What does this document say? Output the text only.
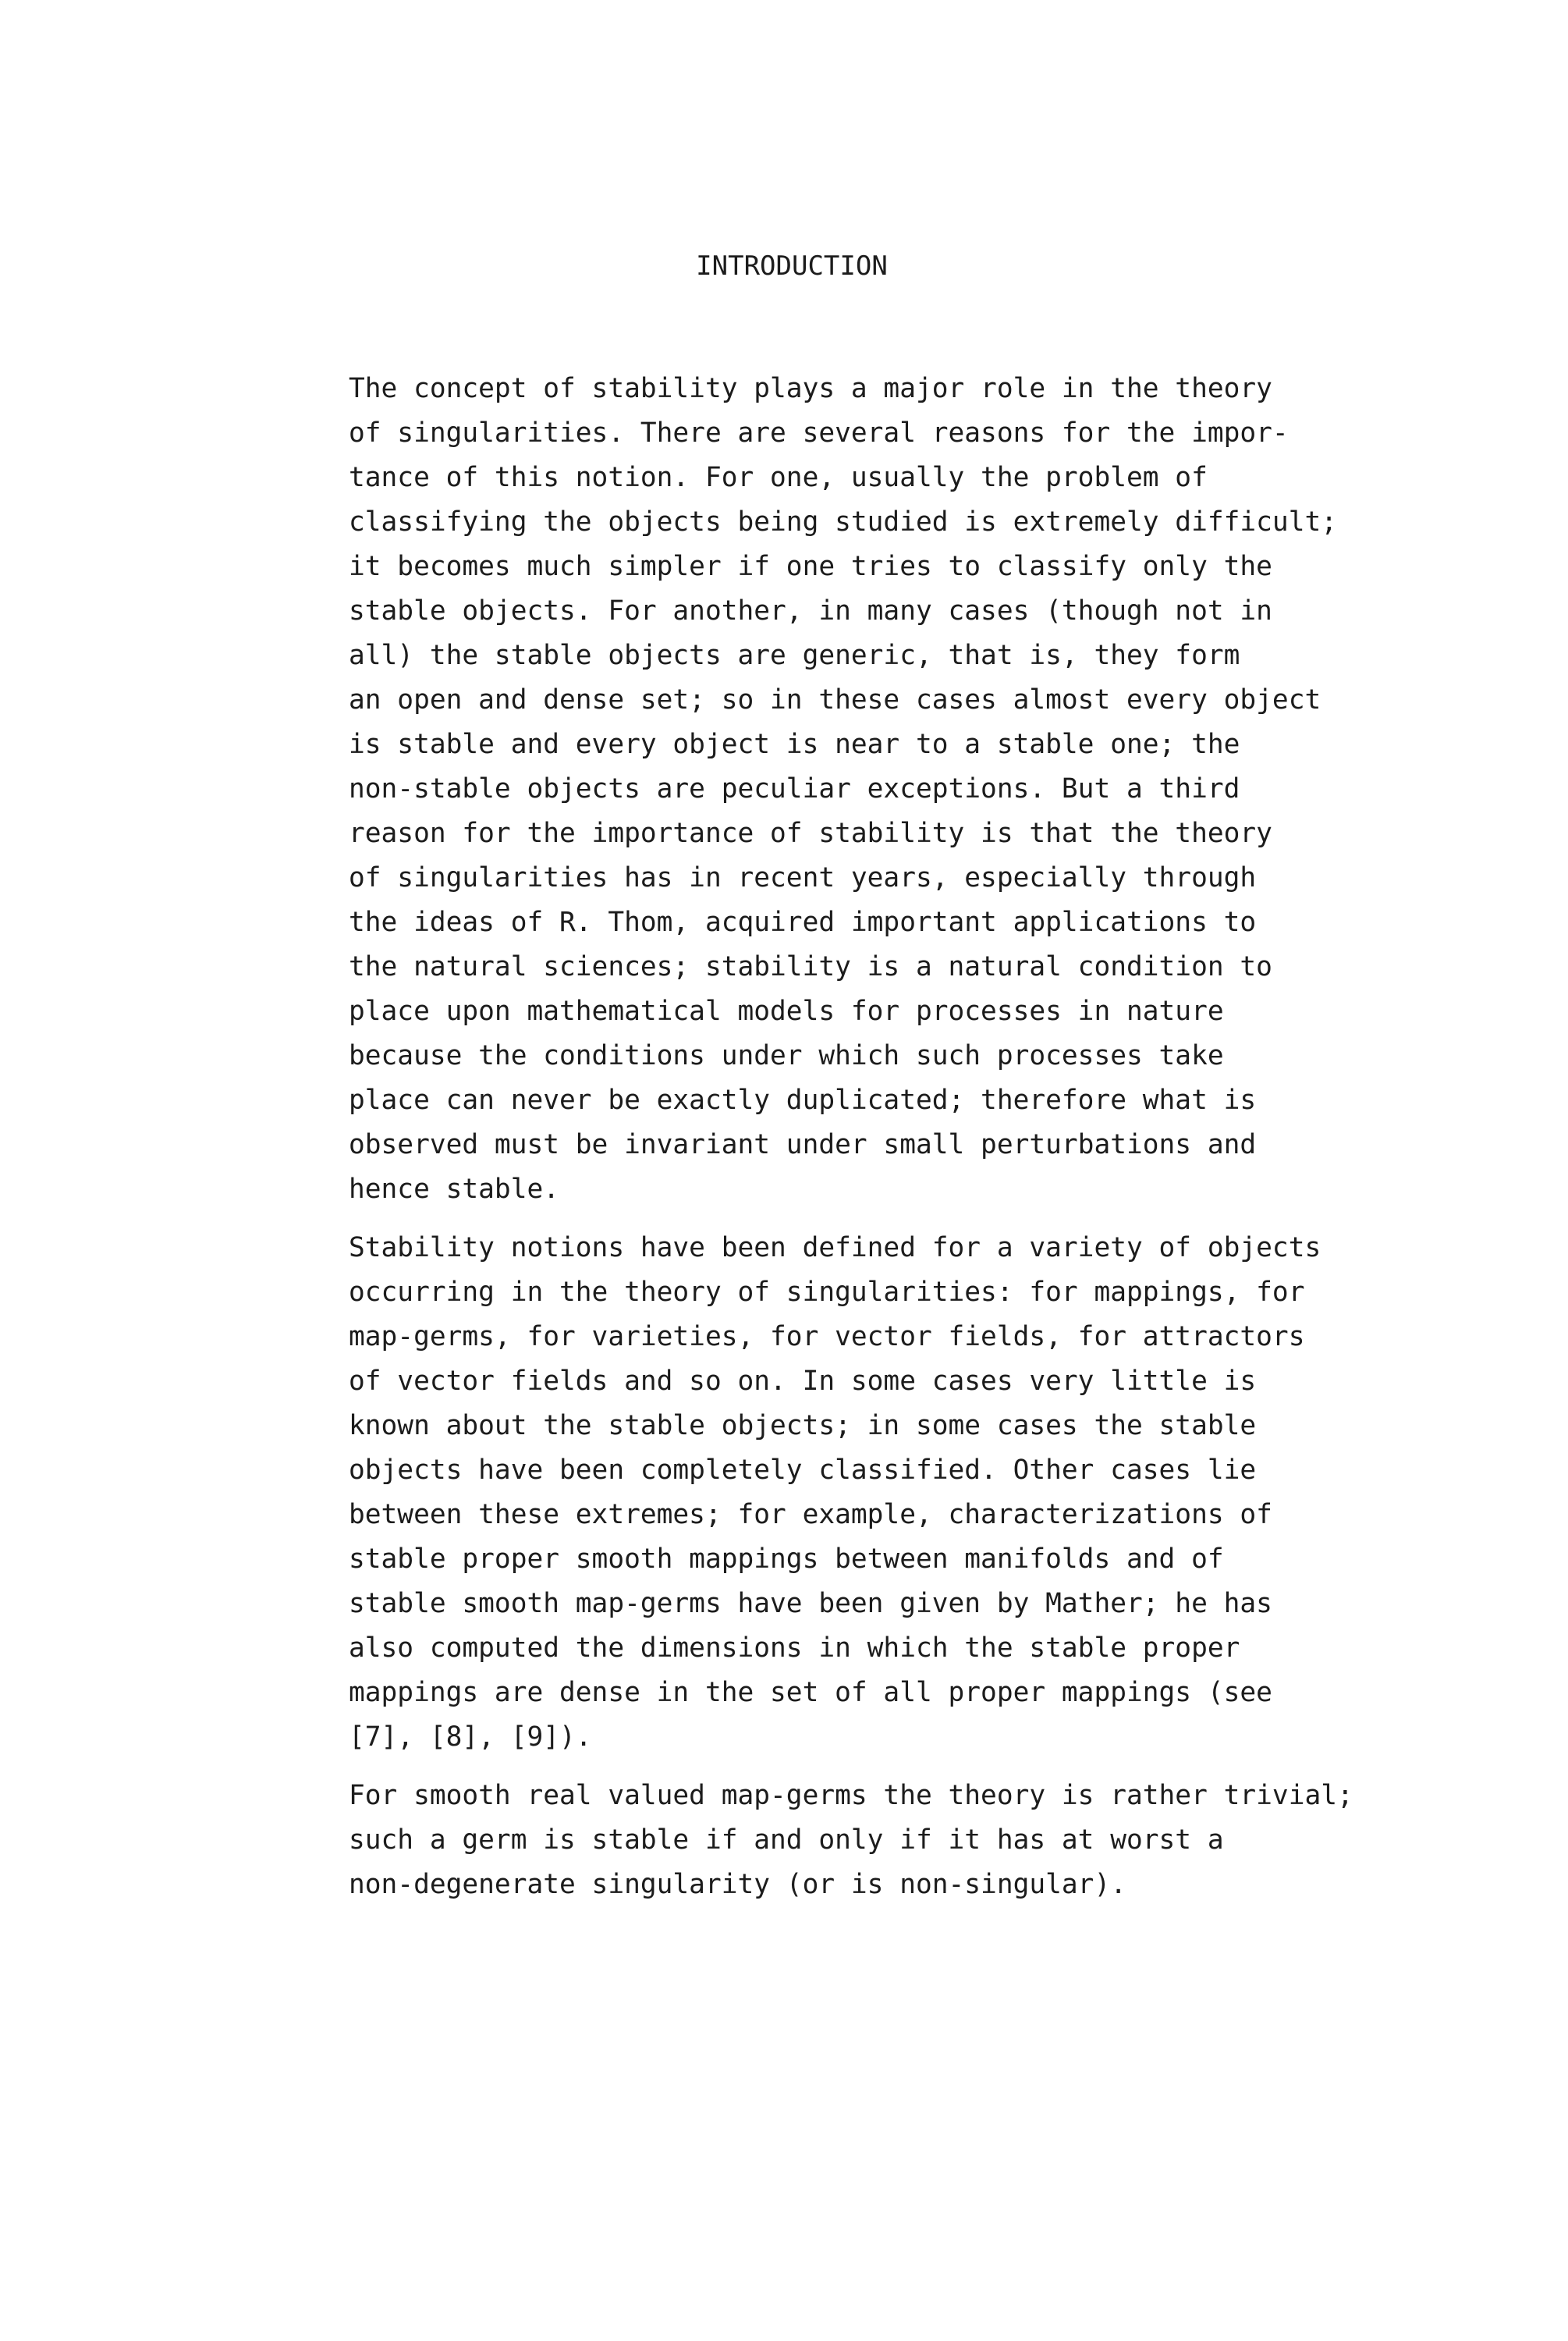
INTRODUCTION
The concept of stability plays a major role in the theory
of singularities. There are several reasons for the impor-
tance of this notion. For one, usually the problem of
classifying the objects being studied is extremely difficult;
it becomes much simpler if one tries to classify only the
stable objects. For another, in many cases (though not in
all) the stable objects are generic, that is, they form
an open and dense set; so in these cases almost every object
is stable and every object is near to a stable one; the
non-stable objects are peculiar exceptions. But a third
reason for the importance of stability is that the theory
of singularities has in recent years, especially through
the ideas of R. Thom, acquired important applications to
the natural sciences; stability is a natural condition to
place upon mathematical models for processes in nature
because the conditions under which such processes take
place can never be exactly duplicated; therefore what is
observed must be invariant under small perturbations and
hence stable.
Stability notions have been defined for a variety of objects
occurring in the theory of singularities: for mappings, for
map-germs, for varieties, for vector fields, for attractors
of vector fields and so on. In some cases very little is
known about the stable objects; in some cases the stable
objects have been completely classified. Other cases lie
between these extremes; for example, characterizations of
stable proper smooth mappings between manifolds and of
stable smooth map-germs have been given by Mather; he has
also computed the dimensions in which the stable proper
mappings are dense in the set of all proper mappings (see
[7], [8], [9]).
For smooth real valued map-germs the theory is rather trivial;
such a germ is stable if and only if it has at worst a
non-degenerate singularity (or is non-singular).
